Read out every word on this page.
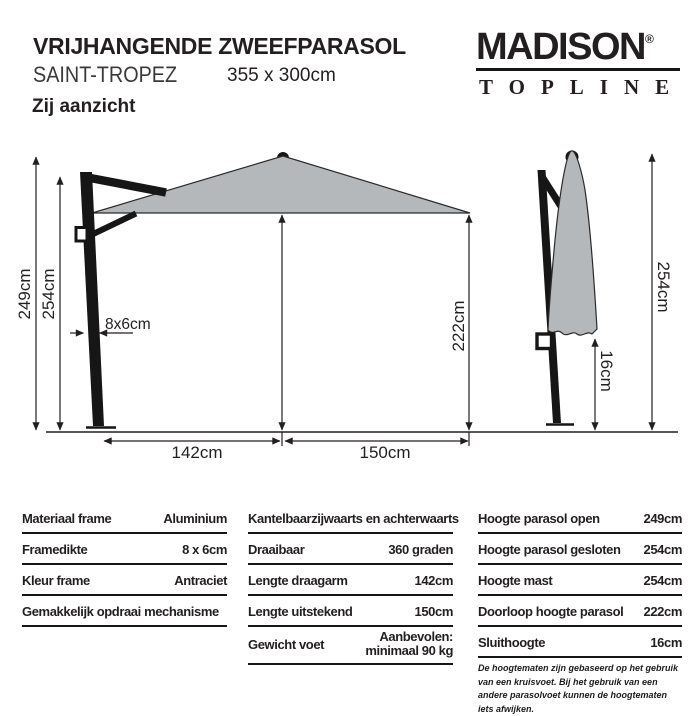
VRIJHANGENDE ZWEEFPARASOL
SAINT-TROPEZ	355 x 300cm
Zij aanzicht
MADISON®
TOPLINE
249cm 254cm
8x6cm	222cm
142cm	150cm
254cm
16cm
Materiaal frame	Aluminium
Framedikte	8 x 6cm
Kleur frame	Antraciet
Gemakkelijk opdraai mechanisme
Kantelbaar zijwaarts en achterwaarts
Draaibaar	360 graden
Lengte draagarm	142cm
Lengte uitstekend	150cm
Gewicht voet
Aanbevolen:
minimaal 90 kg
Hoogte parasol open	249cm
Hoogte parasol gesloten 254cm
Hoogte mast	254cm
Doorloop hoogte parasol 222cm
Sluithoogte	16cm
De hoogtematen zijn gebaseerd op het gebruik van een kruisvoet. Bij het gebruik van een andere parasolvoet kunnen de hoogtematen iets afwijken.
